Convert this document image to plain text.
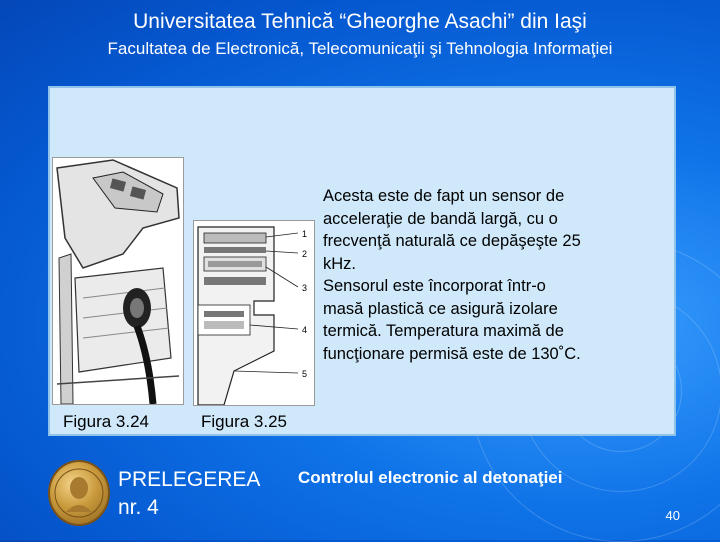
Universitatea Tehnică “Gheorghe Asachi” din Iaşi
Facultatea de Electronică, Telecomunicaţii şi Tehnologia Informaţiei
1
2
3
4
5

Acesta este de fapt un sensor de

acceleraţie de bandă largă, cu o

frecvenţă naturală ce depăşeşte 25

kHz.

Sensorul este încorporat într-o

masă plastică ce asigură izolare

termică. Temperatura maximă de

funcţionare permisă este de 130˚C.

Figura 3.24	Figura 3.25
PRELEGEREA
nr. 4
Controlul electronic al detonaţiei
40
